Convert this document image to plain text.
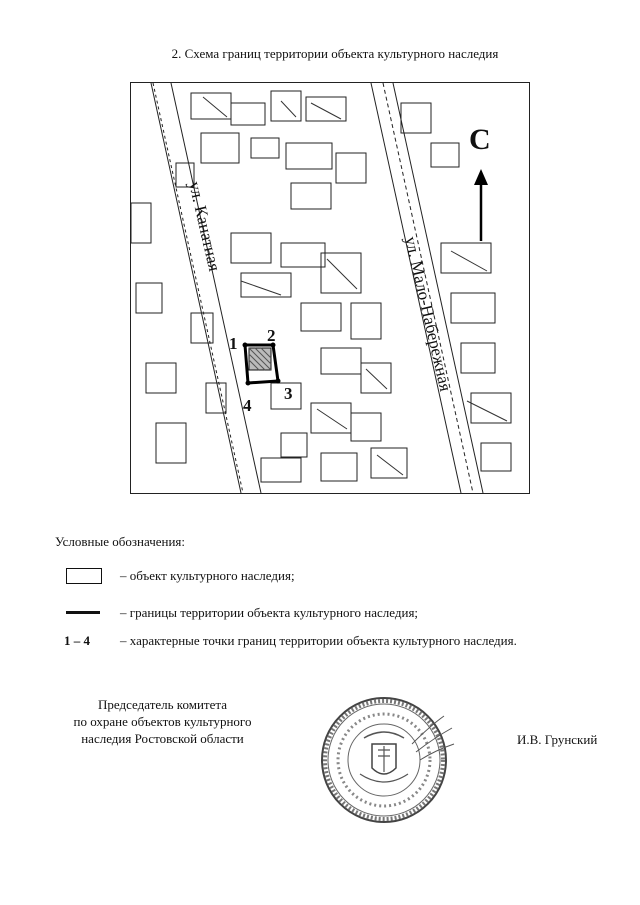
2. Схема границ территории объекта культурного наследия
1 2
3
4
ул. Канатная
ул. Мало-Набережная
С
Условные обозначения:
– объект культурного наследия;
– границы территории объекта культурного наследия;
1 – 4 – характерные точки границ территории объекта культурного наследия.
Председатель комитета
по охране объектов культурного
наследия Ростовской области	И.В. Грунский
